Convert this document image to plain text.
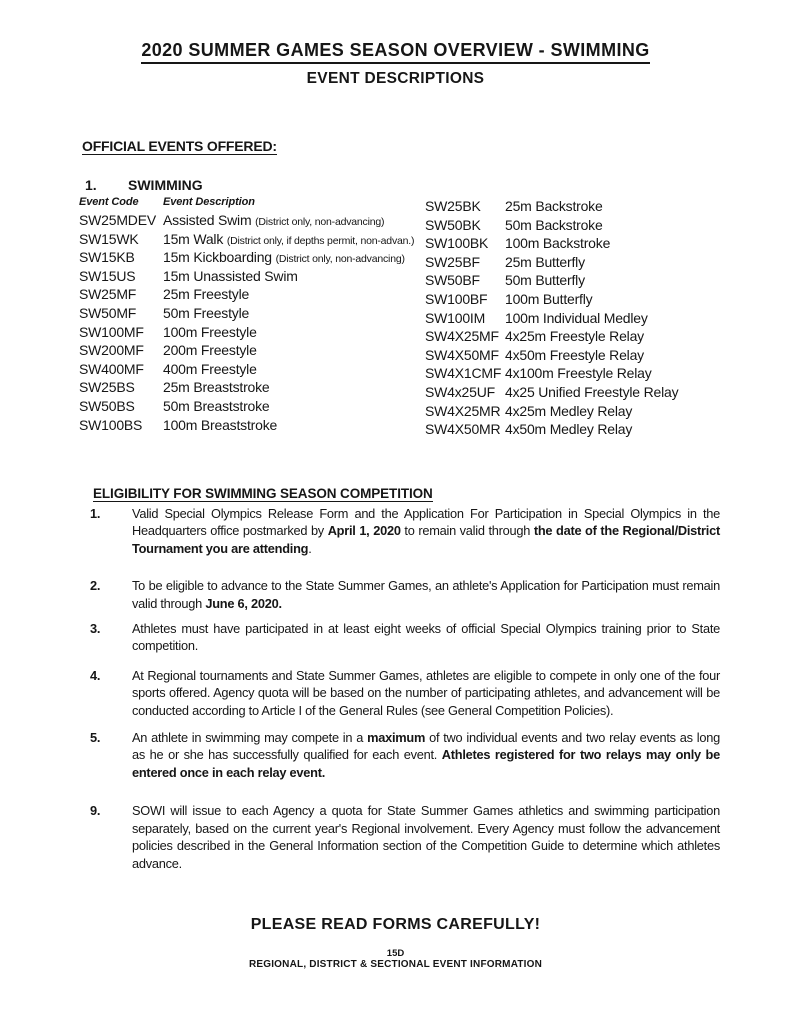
2020 SUMMER GAMES SEASON OVERVIEW - SWIMMING
EVENT DESCRIPTIONS
OFFICIAL EVENTS OFFERED:
1.	SWIMMING
Event Code	Event Description
SW25MDEV Assisted Swim (District only, non-advancing)
SW15WK	15m Walk (District only, if depths permit, non-advan.)
SW15KB	15m Kickboarding (District only, non-advancing)
SW15US	15m Unassisted Swim
SW25MF	25m Freestyle
SW50MF	50m Freestyle
SW100MF	100m Freestyle
SW200MF	200m Freestyle
SW400MF	400m Freestyle
SW25BS	25m Breaststroke
SW50BS	50m Breaststroke
SW100BS	100m Breaststroke
SW25BK	25m Backstroke
SW50BK	50m Backstroke
SW100BK	100m Backstroke
SW25BF	25m Butterfly
SW50BF	50m Butterfly
SW100BF	100m Butterfly
SW100IM	100m Individual Medley
SW4X25MF 4x25m Freestyle Relay
SW4X50MF 4x50m Freestyle Relay
SW4X1CMF 4x100m Freestyle Relay
SW4x25UF 4x25 Unified Freestyle Relay
SW4X25MR 4x25m Medley Relay
SW4X50MR 4x50m Medley Relay
ELIGIBILITY FOR SWIMMING SEASON COMPETITION
1.	Valid Special Olympics Release Form and the Application For Participation in Special Olympics in the Headquarters office postmarked by April 1, 2020 to remain valid through the date of the Regional/District Tournament you are attending.
2.	To be eligible to advance to the State Summer Games, an athlete's Application for Participation must remain valid through June 6, 2020.
3.	Athletes must have participated in at least eight weeks of official Special Olympics training prior to State competition.
4.	At Regional tournaments and State Summer Games, athletes are eligible to compete in only one of the four sports offered. Agency quota will be based on the number of participating athletes, and advancement will be conducted according to Article I of the General Rules (see General Competition Policies).
5.	An athlete in swimming may compete in a maximum of two individual events and two relay events as long as he or she has successfully qualified for each event. Athletes registered for two relays may only be entered once in each relay event.
9.	SOWI will issue to each Agency a quota for State Summer Games athletics and swimming participation separately, based on the current year's Regional involvement. Every Agency must follow the advancement policies described in the General Information section of the Competition Guide to determine which athletes advance.
PLEASE READ FORMS CAREFULLY!
15D
REGIONAL, DISTRICT & SECTIONAL EVENT INFORMATION
